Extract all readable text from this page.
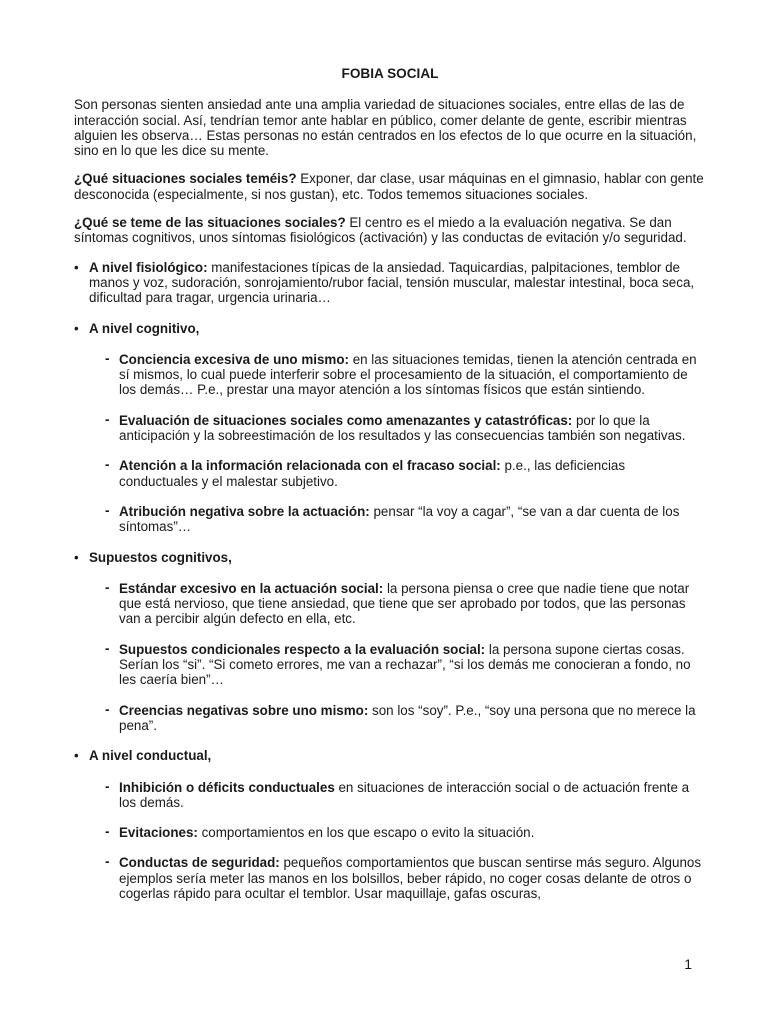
FOBIA SOCIAL

Son personas sienten ansiedad ante una amplia variedad de situaciones sociales, entre ellas de las de interacción social. Así, tendrían temor ante hablar en público, comer delante de gente, escribir mientras alguien les observa… Estas personas no están centrados en los efectos de lo que ocurre en la situación, sino en lo que les dice su mente.

¿Qué situaciones sociales teméis? Exponer, dar clase, usar máquinas en el gimnasio, hablar con gente desconocida (especialmente, si nos gustan), etc. Todos tememos situaciones sociales.

¿Qué se teme de las situaciones sociales? El centro es el miedo a la evaluación negativa. Se dan síntomas cognitivos, unos síntomas fisiológicos (activación) y las conductas de evitación y/o seguridad.

• A nivel fisiológico: manifestaciones típicas de la ansiedad. Taquicardias, palpitaciones, temblor de manos y voz, sudoración, sonrojamiento/rubor facial, tensión muscular, malestar intestinal, boca seca, dificultad para tragar, urgencia urinaria…
• A nivel cognitivo,
- Conciencia excesiva de uno mismo: en las situaciones temidas, tienen la atención centrada en sí mismos, lo cual puede interferir sobre el procesamiento de la situación, el comportamiento de los demás… P.e., prestar una mayor atención a los síntomas físicos que están sintiendo.
- Evaluación de situaciones sociales como amenazantes y catastróficas: por lo que la anticipación y la sobreestimación de los resultados y las consecuencias también son negativas.
- Atención a la información relacionada con el fracaso social: p.e., las deficiencias conductuales y el malestar subjetivo.
- Atribución negativa sobre la actuación: pensar “la voy a cagar”, “se van a dar cuenta de los síntomas”…
• Supuestos cognitivos,
- Estándar excesivo en la actuación social: la persona piensa o cree que nadie tiene que notar que está nervioso, que tiene ansiedad, que tiene que ser aprobado por todos, que las personas van a percibir algún defecto en ella, etc.
- Supuestos condicionales respecto a la evaluación social: la persona supone ciertas cosas. Serían los “si”. “Si cometo errores, me van a rechazar”, “si los demás me conocieran a fondo, no les caería bien”…
- Creencias negativas sobre uno mismo: son los “soy”. P.e., “soy una persona que no merece la pena”.
• A nivel conductual,
- Inhibición o déficits conductuales en situaciones de interacción social o de actuación frente a los demás.
- Evitaciones: comportamientos en los que escapo o evito la situación.
- Conductas de seguridad: pequeños comportamientos que buscan sentirse más seguro. Algunos ejemplos sería meter las manos en los bolsillos, beber rápido, no coger cosas delante de otros o cogerlas rápido para ocultar el temblor. Usar maquillaje, gafas oscuras,
1
